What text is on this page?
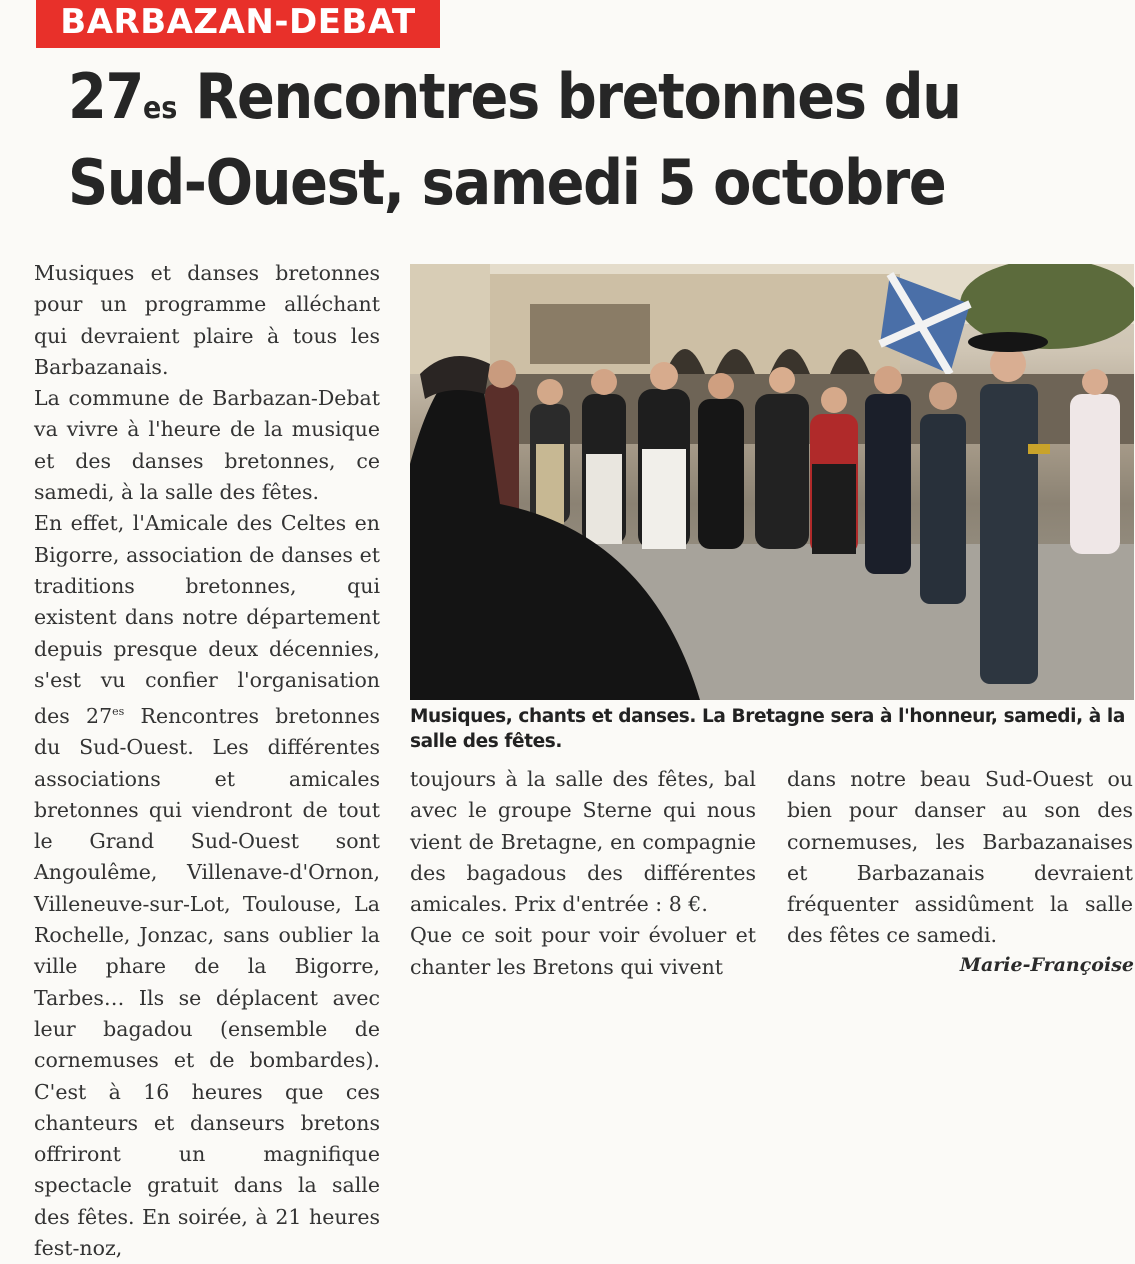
BARBAZAN-DEBAT
$27^{es}$ Rencontres bretonnes du
Sud-Ouest, samedi 5 octobre

Musiques et danses bretonnes pour un programme alléchant qui devraient plaire à tous les Barbazanais.

La commune de Barbazan-Debat va vivre à l'heure de la musique et des danses bretonnes, ce samedi, à la salle des fêtes.

En effet, l'Amicale des Celtes en Bigorre, association de danses et traditions bretonnes, qui existent dans notre département depuis presque deux décennies, s'est vu confier l'organisation des $27^{es}$ Rencontres bretonnes du Sud-Ouest. Les différentes associations et amicales bretonnes qui viendront de tout le Grand Sud-Ouest sont Angoulême, Villenave-d'Ornon, Villeneuve-sur-Lot, Toulouse, La Rochelle, Jonzac, sans oublier la ville phare de la Bigorre, Tarbes… Ils se déplacent avec leur bagadou (ensemble de cornemuses et de bombardes). C'est à 16 heures que ces chanteurs et danseurs bretons offriront un magnifique spectacle gratuit dans la salle des fêtes. En soirée, à 21 heures fest-noz,

Musiques, chants et danses. La Bretagne sera à l'honneur, samedi, à la salle des fêtes.

toujours à la salle des fêtes, bal avec le groupe Sterne qui nous vient de Bretagne, en compagnie des bagadous des différentes amicales. Prix d'entrée : 8 €.

Que ce soit pour voir évoluer et chanter les Bretons qui vivent

dans notre beau Sud-Ouest ou bien pour danser au son des cornemuses, les Barbazanaises et Barbazanais devraient fréquenter assidûment la salle des fêtes ce samedi.

Marie-Françoise
